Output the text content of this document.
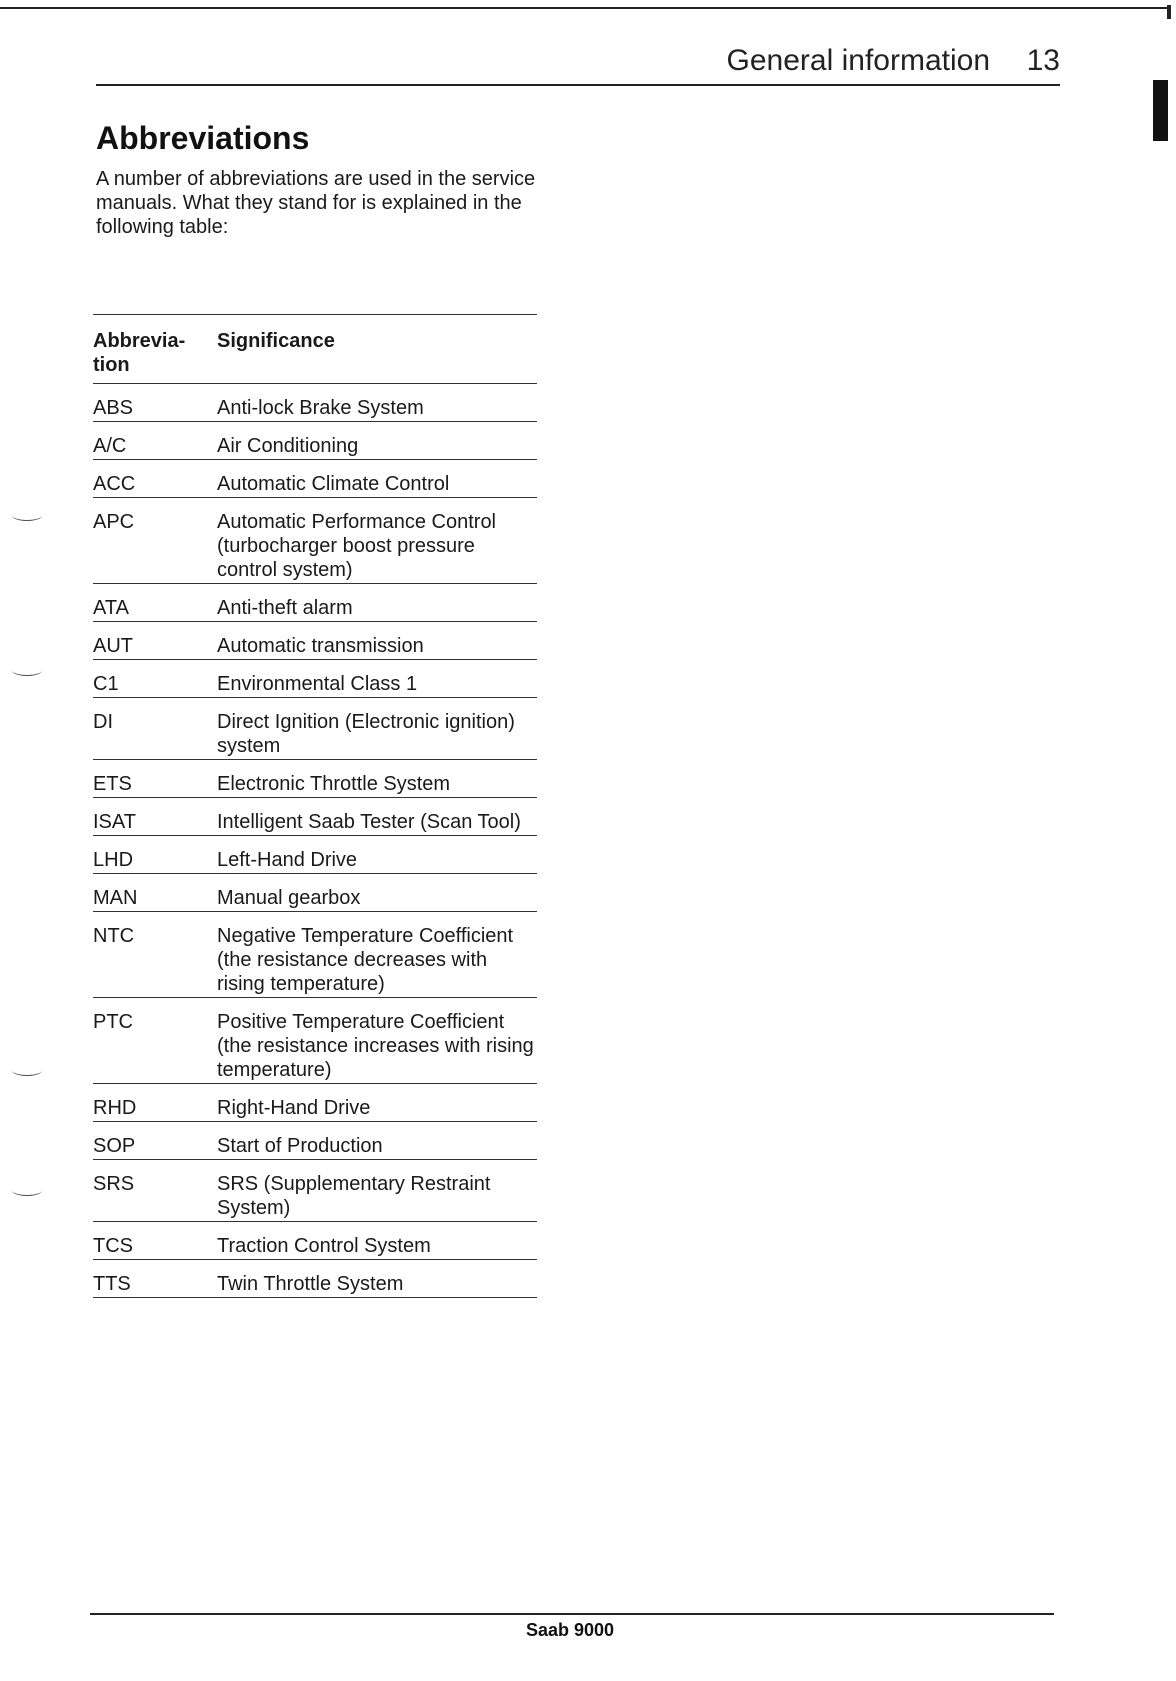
General information 13
Abbreviations

A number of abbreviations are used in the service manuals. What they stand for is explained in the following table:

Abbrevia-tion	Significance
ABS	Anti-lock Brake System
A/C	Air Conditioning
ACC	Automatic Climate Control
APC	Automatic Performance Control (turbocharger boost pressure control system)
ATA	Anti-theft alarm
AUT	Automatic transmission
C1	Environmental Class 1
DI	Direct Ignition (Electronic ignition) system
ETS	Electronic Throttle System
ISAT	Intelligent Saab Tester (Scan Tool)
LHD	Left-Hand Drive
MAN	Manual gearbox
NTC	Negative Temperature Coefficient (the resistance decreases with rising temperature)
PTC	Positive Temperature Coefficient (the resistance increases with rising temperature)
RHD	Right-Hand Drive
SOP	Start of Production
SRS	SRS (Supplementary Restraint System)
TCS	Traction Control System
TTS	Twin Throttle System
Saab 9000
